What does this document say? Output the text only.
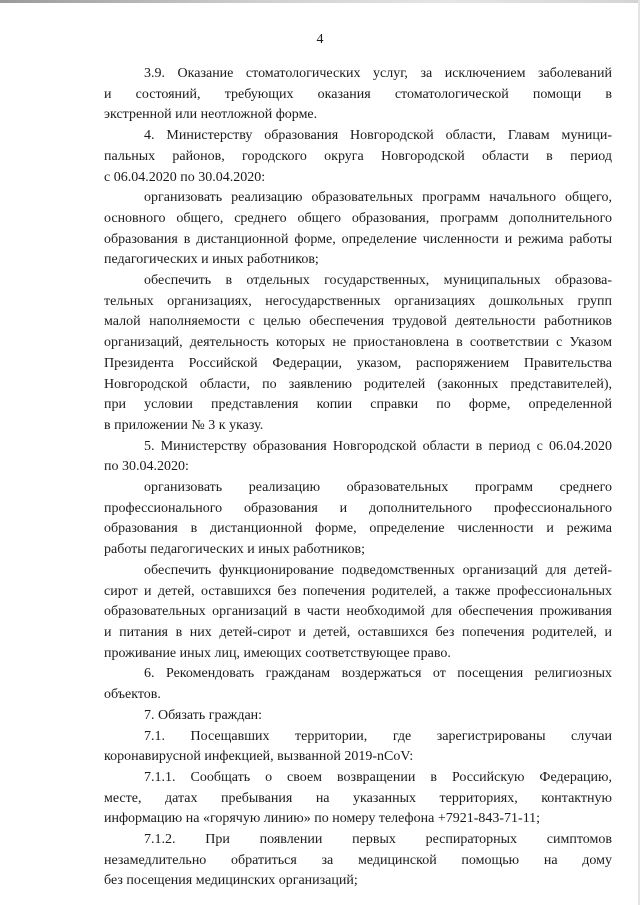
4

3.9. Оказание стоматологических услуг, за исключением заболеваний
и состояний, требующих оказания стоматологической помощи в
экстренной или неотложной форме.

4. Министерству образования Новгородской области, Главам муници-
пальных районов, городского округа Новгородской области в период
с 06.04.2020 по 30.04.2020:

организовать реализацию образовательных программ начального общего,
основного общего, среднего общего образования, программ дополнительного
образования в дистанционной форме, определение численности и режима работы
педагогических и иных работников;

обеспечить в отдельных государственных, муниципальных образова-
тельных организациях, негосударственных организациях дошкольных групп
малой наполняемости с целью обеспечения трудовой деятельности работников
организаций, деятельность которых не приостановлена в соответствии с Указом
Президента Российской Федерации, указом, распоряжением Правительства
Новгородской области, по заявлению родителей (законных представителей),
при условии представления копии справки по форме, определенной
в приложении № 3 к указу.

5. Министерству образования Новгородской области в период с 06.04.2020
по 30.04.2020:

организовать реализацию образовательных программ среднего
профессионального образования и дополнительного профессионального
образования в дистанционной форме, определение численности и режима
работы педагогических и иных работников;

обеспечить функционирование подведомственных организаций для детей-
сирот и детей, оставшихся без попечения родителей, а также профессиональных
образовательных организаций в части необходимой для обеспечения проживания
и питания в них детей-сирот и детей, оставшихся без попечения родителей, и
проживание иных лиц, имеющих соответствующее право.

6. Рекомендовать гражданам воздержаться от посещения религиозных
объектов.

7. Обязать граждан:

7.1. Посещавших территории, где зарегистрированы случаи
коронавирусной инфекцией, вызванной 2019-nCoV:

7.1.1. Сообщать о своем возвращении в Российскую Федерацию,
месте, датах пребывания на указанных территориях, контактную
информацию на «горячую линию» по номеру телефона +7921-843-71-11;

7.1.2. При появлении первых респираторных симптомов
незамедлительно обратиться за медицинской помощью на дому
без посещения медицинских организаций;
